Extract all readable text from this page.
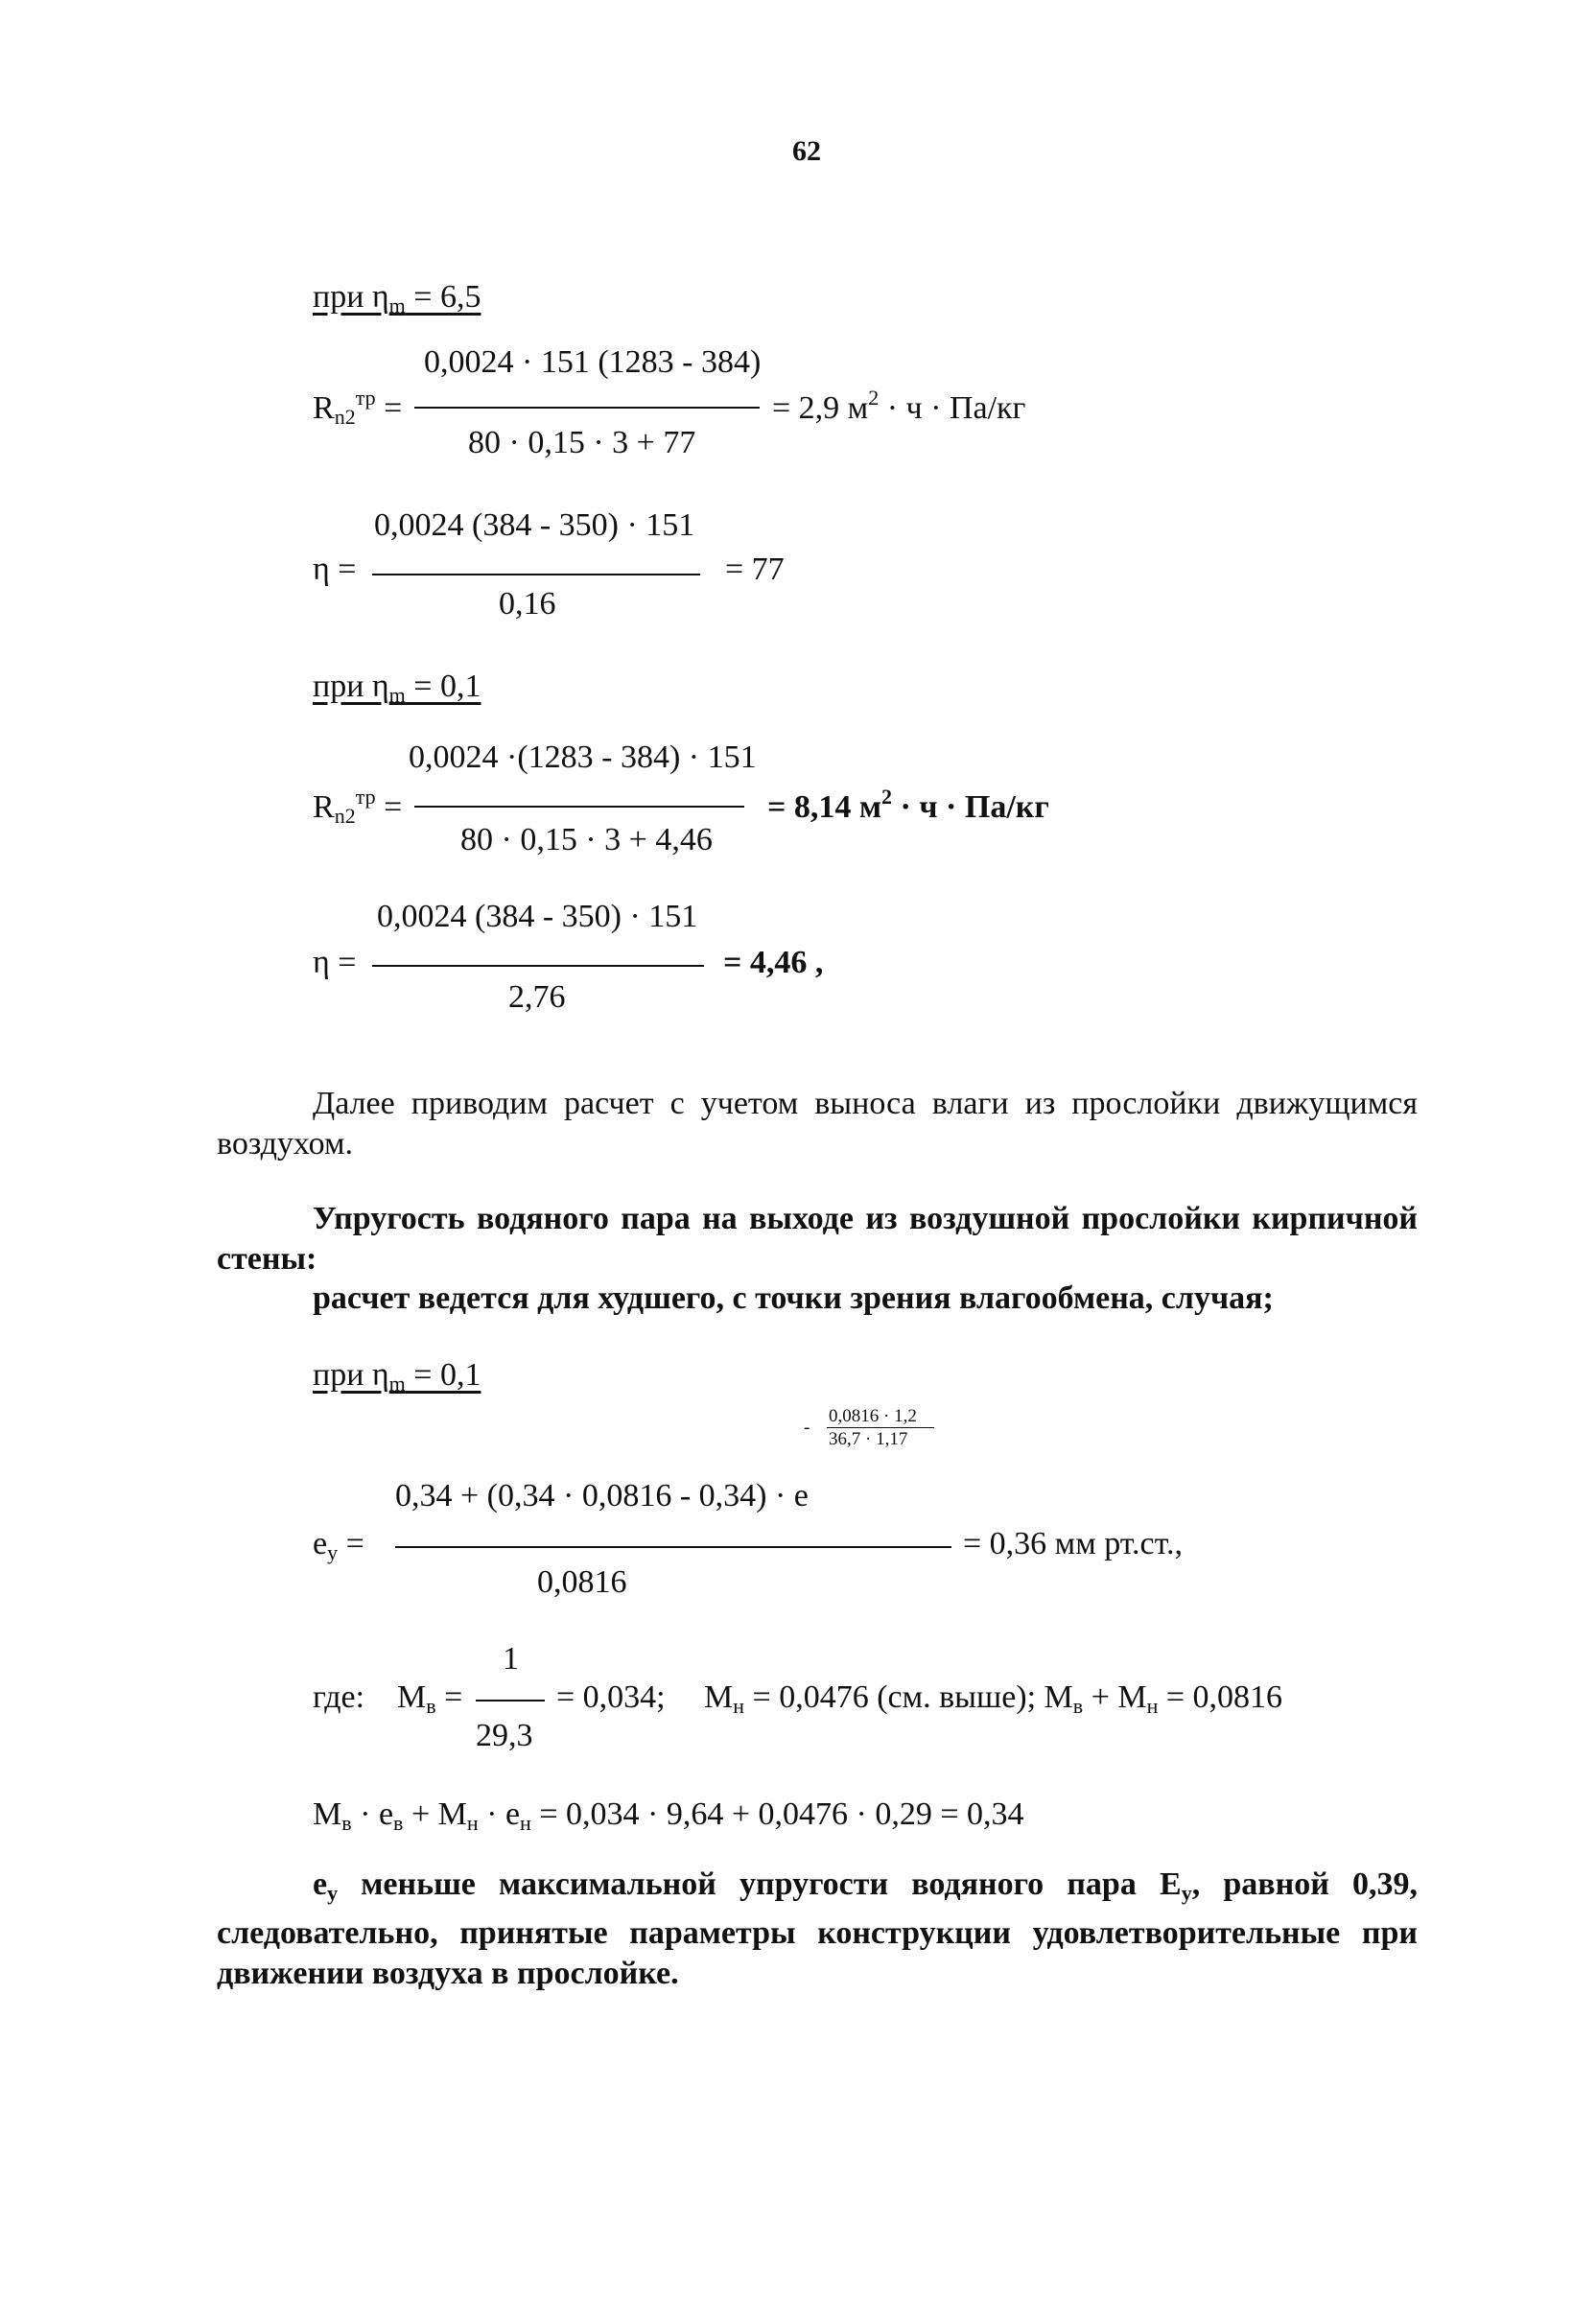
62
при $\eta_m = 6,5$
0,0024 · 151 (1283 - 384)
$R_{n2}^{тр}$ =	= 2,9 $м^2 \cdot ч \cdot Па/кг$
80 · 0,15 · 3 + 77
0,0024 (384 - 350) · 151
η =	= 77
0,16
при $\eta_m = 0,1$
0,0024 ·(1283 - 384) · 151
$R_{n2}^{тр}$ =	= 8,14 $м^2 \cdot ч \cdot Па/кг$
80 · 0,15 · 3 + 4,46
0,0024 (384 - 350) · 151
η =	= 4,46 ,
2,76
Далее приводим расчет с учетом выноса влаги из прослойки движущимся воздухом.
Упругость водяного пара на выходе из воздушной прослойки кирпичной стены:
расчет ведется для худшего, с точки зрения влагообмена, случая;
при $\eta_m = 0,1$
-
0,0816 · 1,2
36,7 · 1,17
0,34 + (0,34 · 0,0816 - 0,34) · e
$e_y$ =	= 0,36 мм рт.ст.,
0,0816
1
где: $M_в$ =	= 0,034; $M_н = 0,0476$ (см. выше); $M_в + M_н = 0,0816$
29,3
$M_в \cdot e_в + M_н \cdot e_н = 0,034 \cdot 9,64 + 0,0476 \cdot 0,29 = 0,34$
$e_y$ меньше максимальной упругости водяного пара $E_y$, равной 0,39, следовательно, принятые параметры конструкции удовлетворительные при движении воздуха в прослойке.
